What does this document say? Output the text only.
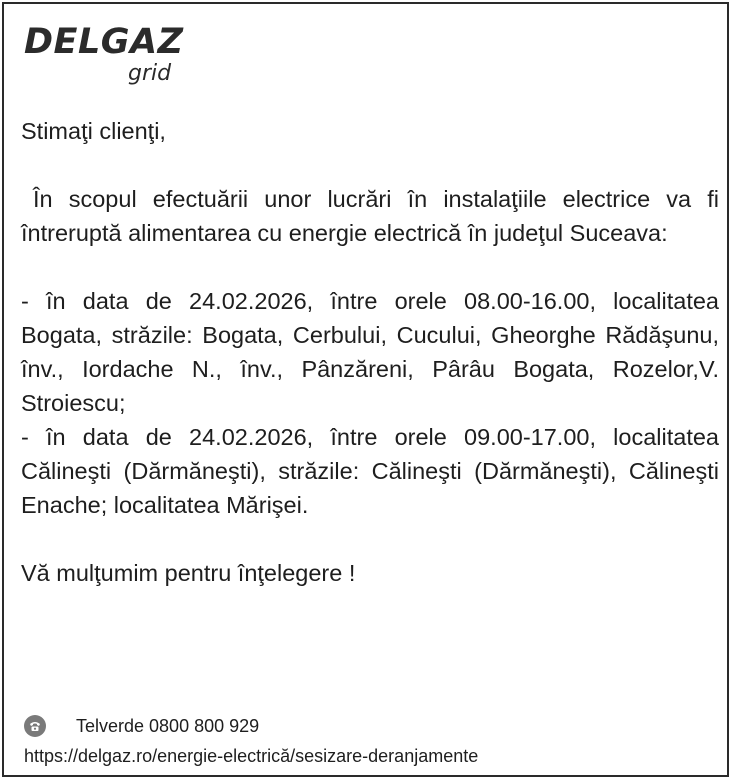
DELGAZ
grid

Stimaţi clienţi,

În scopul efectuării unor lucrări în instalaţiile electrice va fi întreruptă alimentarea cu energie electrică în judeţul Suceava:

- în data de 24.02.2026, între orele 08.00-16.00, localitatea Bogata, străzile: Bogata, Cerbului, Cucului, Gheorghe Rădăşunu, înv., Iordache N., înv., Pânzăreni, Pârâu Bogata, Rozelor,V. Stroiescu;

- în data de 24.02.2026, între orele 09.00-17.00, localitatea Călineşti (Dărmăneşti), străzile: Călineşti (Dărmăneşti), Călineşti Enache; localitatea Mărişei.

Vă mulţumim pentru înţelegere !

Telverde 0800 800 929
https://delgaz.ro/energie-electrică/sesizare-deranjamente
